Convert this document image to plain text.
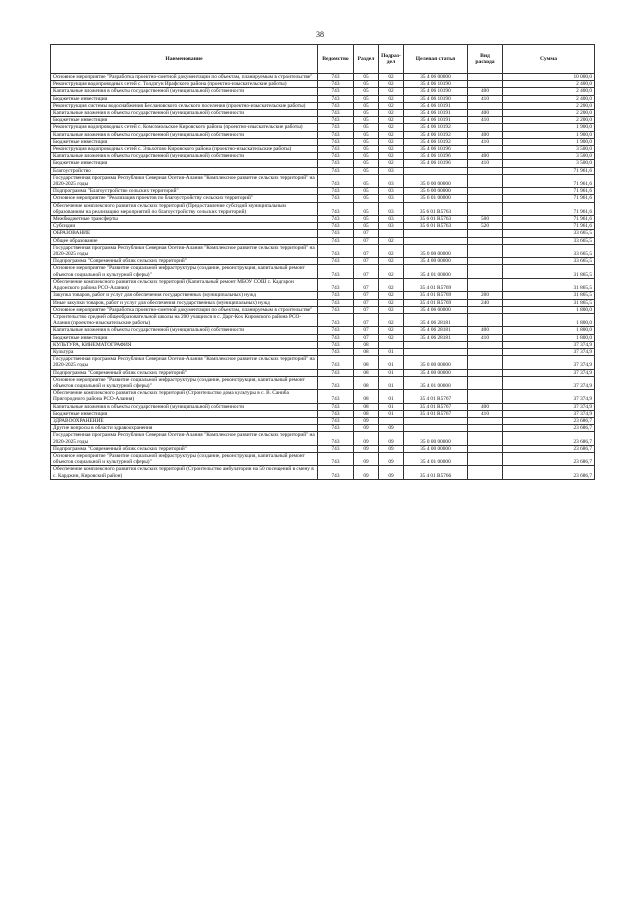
38
Наименование	Ведомство	Раздел	Подраз-дел	Целевая статья	Вид расхода	Сумма
Основное мероприятие "Разработка проектно-сметной документации по объектам, планируемым в строительстве"	743	05	02	35 4 06 00000		10 000,0
Реконструкция водопроводных сетей с. Толдзгун Ирафского района (проектно-изыскательские работы)	743	05	02	35 4 06 10190		2 400,0
Капитальные вложения в объекты государственной (муниципальной) собственности	743	05	02	35 4 06 10190	400	2 400,0
Бюджетные инвестиции	743	05	02	35 4 06 10190	410	2 400,0
Реконструкция системы водоснабжения Беслановского сельского поселения (проектно-изыскательские работы)	743	05	02	35 4 06 10191		2 200,0
Капитальные вложения в объекты государственной (муниципальной) собственности	743	05	02	35 4 06 10191	400	2 200,0
Бюджетные инвестиции	743	05	02	35 4 06 10191	410	2 200,0
Реконструкция водопроводных сетей с. Комсомольское Кировского района (проектно-изыскательские работы)	743	05	02	35 4 06 10192		1 900,0
Капитальные вложения в объекты государственной (муниципальной) собственности	743	05	02	35 4 06 10192	400	1 900,0
Бюджетные инвестиции	743	05	02	35 4 06 10192	410	1 900,0
Реконструкция водопроводных сетей с. Эльхотово Кировского района (проектно-изыскательские работы)	743	05	02	35 4 06 10196		3 500,0
Капитальные вложения в объекты государственной (муниципальной) собственности	743	05	02	35 4 06 10196	400	3 500,0
Бюджетные инвестиции	743	05	02	35 4 06 10196	410	3 500,0
Благоустройство	743	05	03			71 961,6
Государственная программа Республики Северная Осетия-Алания "Комплексное развитие сельских территорий" на 2020-2025 годы	743	05	03	35 0 00 00000		71 961,6
Подпрограмма "Благоустройство сельских территорий"	743	05	03	35 6 00 00000		71 961,6
Основное мероприятие "Реализация проектов по благоустройству сельских территорий"	743	05	03	35 6 01 00000		71 961,6
Обеспечение комплексного развития сельских территорий (Предоставление субсидий муниципальным образованиям на реализацию мероприятий по благоустройству сельских территорий)	743	05	03	35 6 01 R5763		71 961,6
Межбюджетные трансферты	743	05	03	35 6 01 R5763	500	71 961,6
Субсидии	743	05	03	35 6 01 R5763	520	71 961,6
ОБРАЗОВАНИЕ	743	07				33 665,5
Общее образование	743	07	02			33 665,5
Государственная программа Республики Северная Осетия-Алания "Комплексное развитие сельских территорий" на 2020-2025 годы	743	07	02	35 0 00 00000		33 665,5
Подпрограмма "Современный облик сельских территорий"	743	07	02	35 4 00 00000		33 665,5
Основное мероприятие "Развитие социальной инфраструктуры (создание, реконструкция, капитальный ремонт объектов социальной и культурной сферы)"	743	07	02	35 4 01 00000		31 865,5
Обеспечение комплексного развития сельских территорий (Капитальный ремонт МБОУ СОШ с. Кадгарон Ардонского района РСО-Алания)	743	07	02	35 4 01 R5769		31 865,5
Закупка товаров, работ и услуг для обеспечения государственных (муниципальных) нужд	743	07	02	35 4 01 R5769	200	31 865,5
Иные закупки товаров, работ и услуг для обеспечения государственных (муниципальных) нужд	743	07	02	35 4 01 R5769	240	31 865,5
Основное мероприятие "Разработка проектно-сметной документации по объектам, планируемым в строительстве"	743	07	02	35 4 06 00000		1 800,0
Строительство средней общеобразовательной школы на 200 учащихся в с. Дарг-Кох Кировского района РСО-Алания (проектно-изыскательские работы)	743	07	02	35 4 06 28181		1 800,0
Капитальные вложения в объекты государственной (муниципальной) собственности	743	07	02	35 4 06 28181	400	1 800,0
Бюджетные инвестиции	743	07	02	35 4 06 28181	410	1 800,0
КУЛЬТУРА, КИНЕМАТОГРАФИЯ	743	08				37 374,9
Культура	743	08	01			37 374,9
Государственная программа Республики Северная Осетия-Алания "Комплексное развитие сельских территорий" на 2020-2025 годы	743	08	01	35 0 00 00000		37 374,9
Подпрограмма "Современный облик сельских территорий"	743	08	01	35 4 00 00000		37 374,9
Основное мероприятие "Развитие социальной инфраструктуры (создание, реконструкция, капитальный ремонт объектов социальной и культурной сферы)"	743	08	01	35 4 01 00000		37 374,9
Обеспечение комплексного развития сельских территорий (Строительство дома культуры в с. В. Саниба Пригородного района РСО-Алания)	743	08	01	35 4 01 R5767		37 374,9
Капитальные вложения в объекты государственной (муниципальной) собственности	743	08	01	35 4 01 R5767	400	37 374,9
Бюджетные инвестиции	743	08	01	35 4 01 R5767	410	37 374,9
ЗДРАВООХРАНЕНИЕ	743	09				23 686,7
Другие вопросы в области здравоохранения	743	09	09			23 686,7
Государственная программа Республики Северная Осетия-Алания "Комплексное развитие сельских территорий" на 2020-2025 годы	743	09	09	35 0 00 00000		23 686,7
Подпрограмма "Современный облик сельских территорий"	743	09	09	35 4 00 00000		23 686,7
Основное мероприятие "Развитие социальной инфраструктуры (создание, реконструкция, капитальный ремонт объектов социальной и культурной сферы)"	743	09	09	35 4 01 00000		23 686,7
Обеспечение комплексного развития сельских территорий (Строительство амбулатории на 50 посещений в смену в с. Карджин, Кировский район)	743	09	09	35 4 01 R5766		23 686,7
